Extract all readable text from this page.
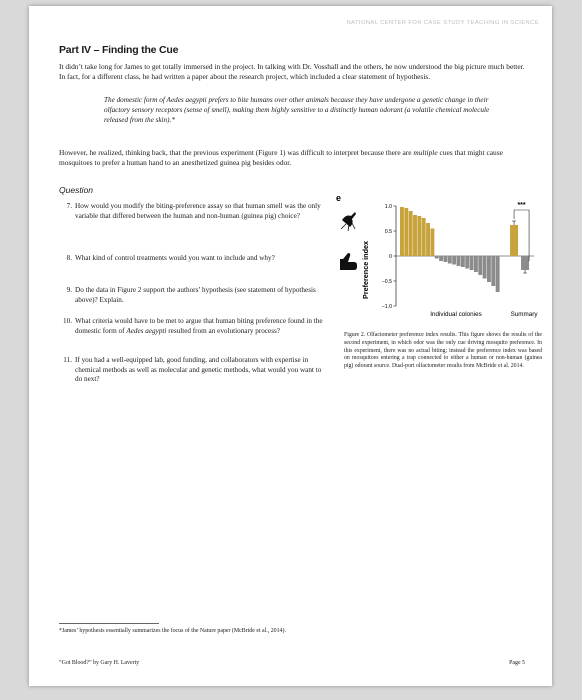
NATIONAL CENTER FOR CASE STUDY TEACHING IN SCIENCE
Part IV – Finding the Cue
It didn’t take long for James to get totally immersed in the project. In talking with Dr. Vosshall and the others, he now understood the big picture much better. In fact, for a different class, he had written a paper about the research project, which included a clear statement of hypothesis.
The domestic form of Aedes aegypti prefers to bite humans over other animals because they have undergone a genetic change in their olfactory sensory receptors (sense of smell), making them highly sensitive to a distinctly human odorant (a volatile chemical molecule released from the skin).*
However, he realized, thinking back, that the previous experiment (Figure 1) was difficult to interpret because there are multiple cues that might cause mosquitoes to prefer a human hand to an anesthetized guinea pig besides odor.
Question
7. How would you modify the biting-preference assay so that human smell was the only variable that differed between the human and non-human (guinea pig) choice?
8. What kind of control treatments would you want to include and why?
9. Do the data in Figure 2 support the authors’ hypothesis (see statement of hypothesis above)? Explain.
10. What criteria would have to be met to argue that human biting preference found in the domestic form of Aedes aegypti resulted from an evolutionary process?
11. If you had a well-equipped lab, good funding, and collaborators with expertise in chemical methods as well as molecular and genetic methods, what would you want to do next?
e
Preference index
−1.0
−0.5
0
0.5
1.0	***
Individual colonies	Summary
Figure 2. Olfactometer preference index results. This figure shows the results of the second experiment, in which odor was the only cue driving mosquito preference. In this experiment, there was no actual biting; instead the preference index was based on mosquitoes entering a trap connected to either a human or non-human (guinea pig) odorant source. Dual-port olfactometer results from McBride et al. 2014.
*James’ hypothesis essentially summarizes the focus of the Nature paper (McBride et al., 2014).
“Got Blood?” by Gary H. Laverty	Page 5
